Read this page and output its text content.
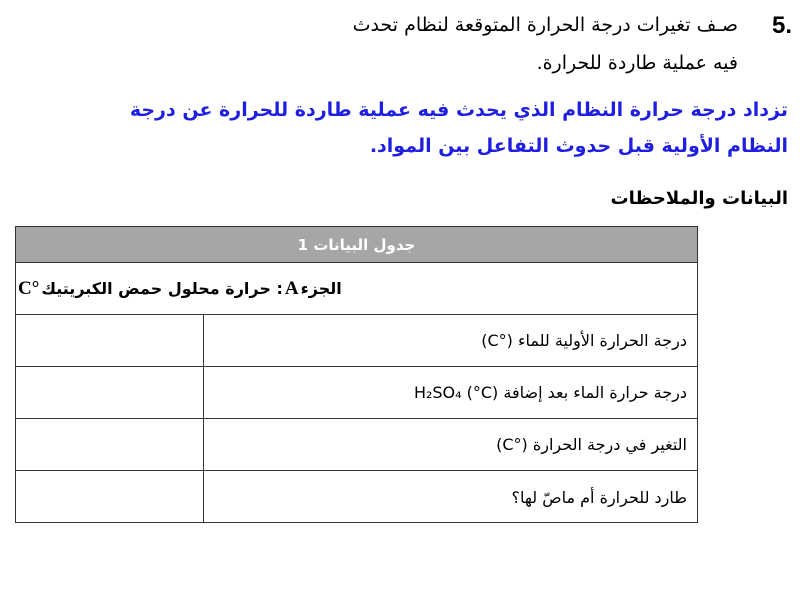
5.
صـف تغيرات درجة الحرارة المتوقعة لنظام تحدث
فيه عملية طاردة للحرارة.
تزداد درجة حرارة النظام الذي يحدث فيه عملية طاردة للحرارة عن درجة النظام الأولية قبل حدوث التفاعل بين المواد.
البيانات والملاحظات
جدول البيانات 1
الجزء
A
: حرارة محلول حمض الكبريتيك
°C
درجة الحرارة الأولية للماء (°C)
درجة حرارة الماء بعد إضافة H₂SO₄ (°C)
التغير في درجة الحرارة (°C)
طارد للحرارة أم ماصّ لها؟
